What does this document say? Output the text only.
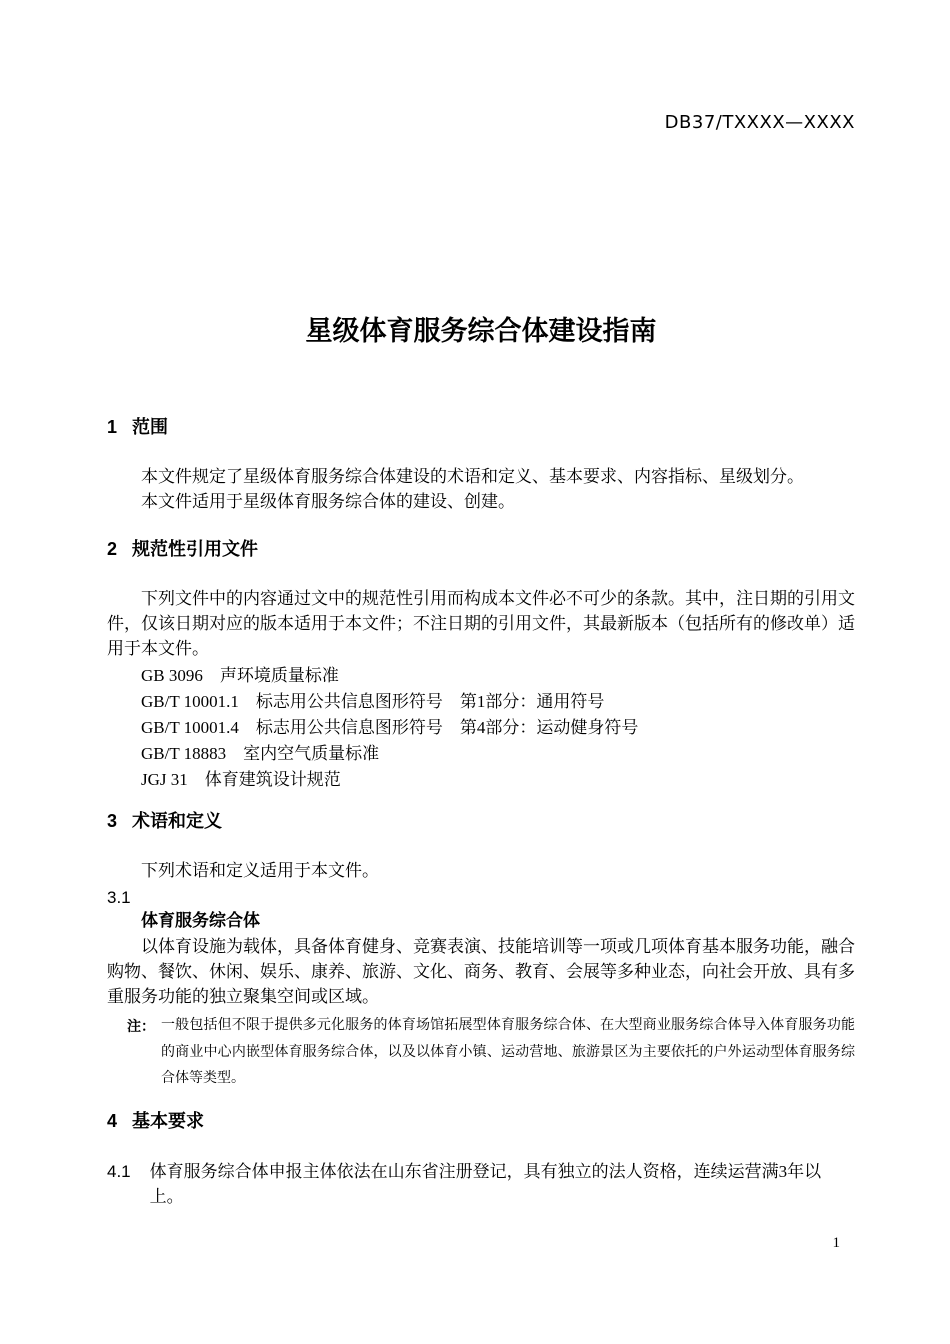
DB37/TXXXX—XXXX
星级体育服务综合体建设指南
1 范围

本文件规定了星级体育服务综合体建设的术语和定义、基本要求、内容指标、星级划分。

本文件适用于星级体育服务综合体的建设、创建。

2 规范性引用文件

下列文件中的内容通过文中的规范性引用而构成本文件必不可少的条款。其中，注日期的引用文件，仅该日期对应的版本适用于本文件；不注日期的引用文件，其最新版本（包括所有的修改单）适用于本文件。

GB 3096　声环境质量标准
GB/T 10001.1　标志用公共信息图形符号　第1部分：通用符号
GB/T 10001.4　标志用公共信息图形符号　第4部分：运动健身符号
GB/T 18883　室内空气质量标准
JGJ 31　体育建筑设计规范
3 术语和定义

下列术语和定义适用于本文件。

3.1
体育服务综合体

以体育设施为载体，具备体育健身、竞赛表演、技能培训等一项或几项体育基本服务功能，融合购物、餐饮、休闲、娱乐、康养、旅游、文化、商务、教育、会展等多种业态，向社会开放、具有多重服务功能的独立聚集空间或区域。

注： 一般包括但不限于提供多元化服务的体育场馆拓展型体育服务综合体、在大型商业服务综合体导入体育服务功能的商业中心内嵌型体育服务综合体，以及以体育小镇、运动营地、旅游景区为主要依托的户外运动型体育服务综合体等类型。
4 基本要求
4.1 体育服务综合体申报主体依法在山东省注册登记，具有独立的法人资格，连续运营满3年以上。
1
